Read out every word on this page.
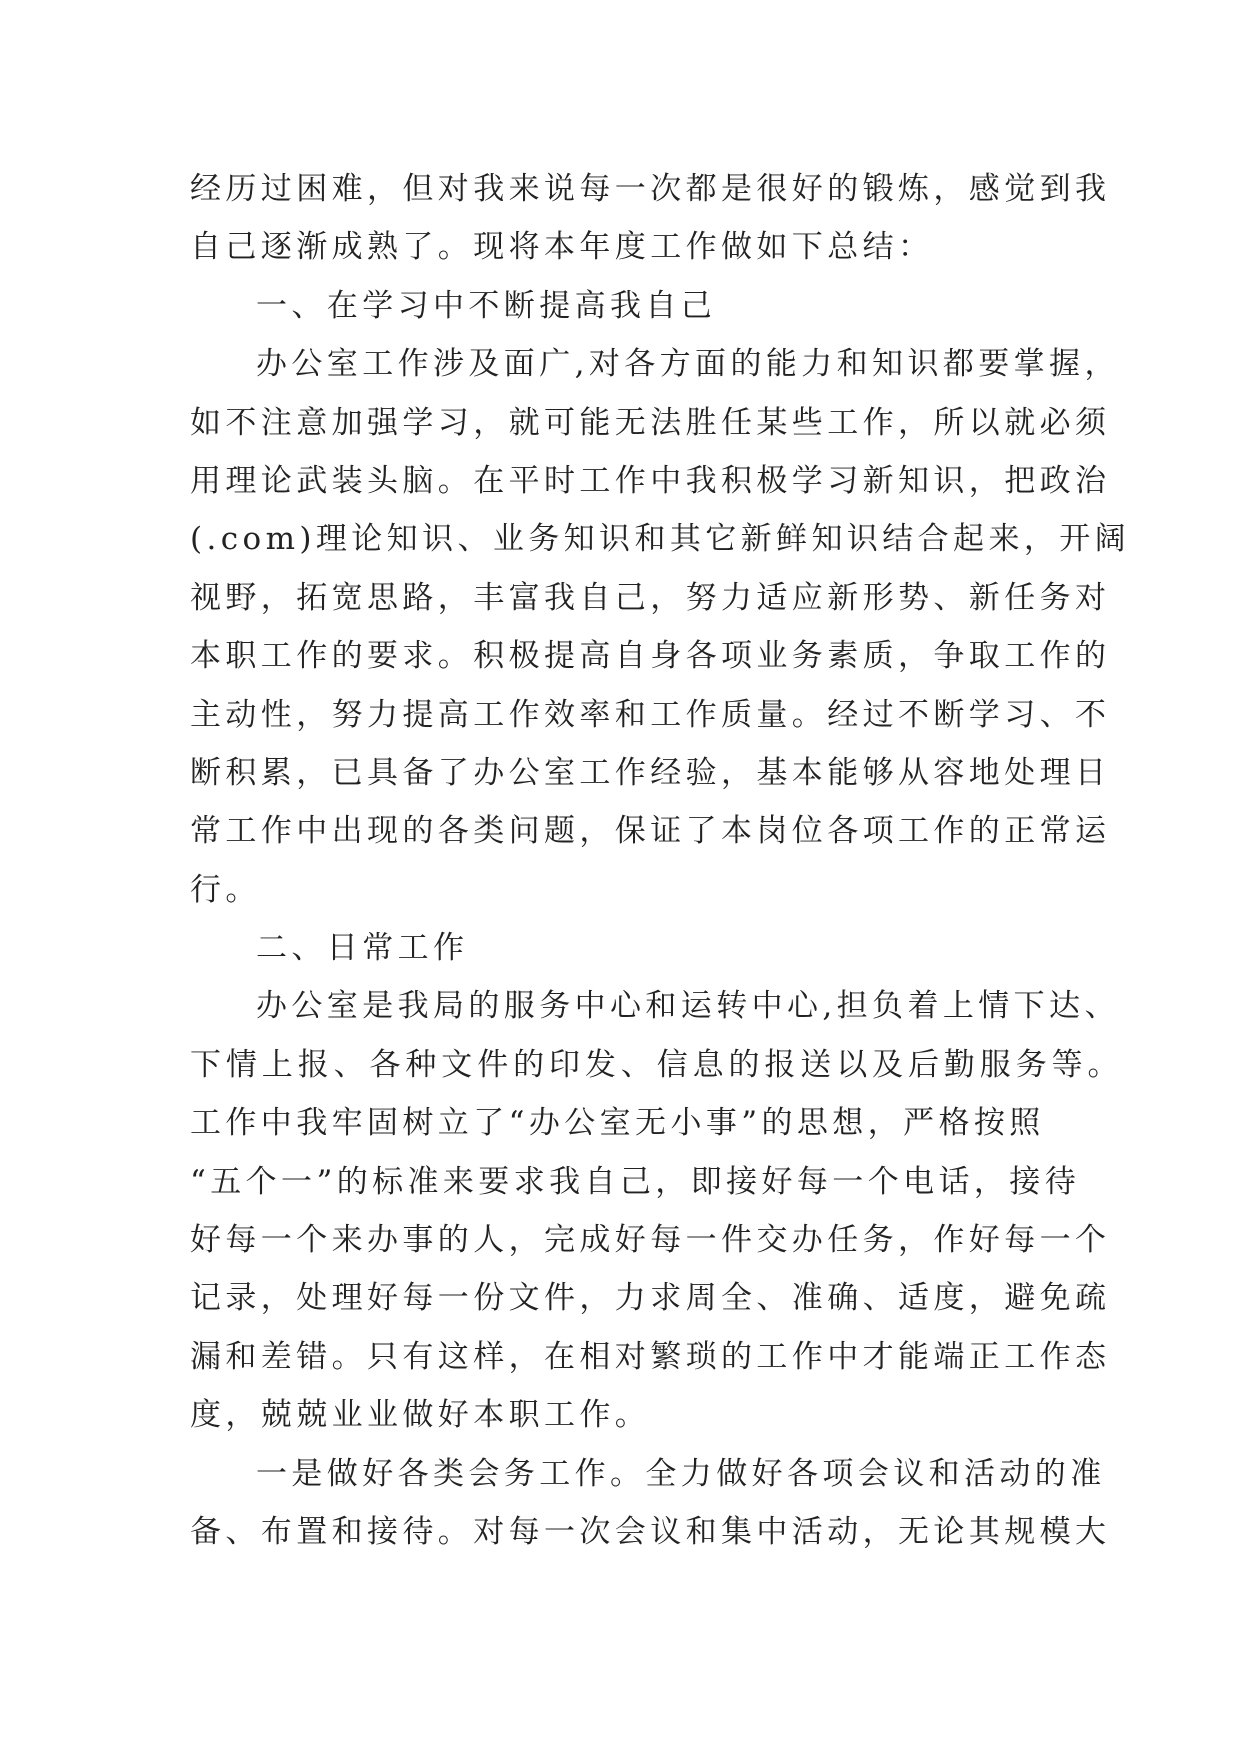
经历过困难，但对我来说每一次都是很好的锻炼，感觉到我
自己逐渐成熟了。现将本年度工作做如下总结：
一、在学习中不断提高我自己
办公室工作涉及面广,对各方面的能力和知识都要掌握，
如不注意加强学习，就可能无法胜任某些工作，所以就必须
用理论武装头脑。在平时工作中我积极学习新知识，把政治
(.com)理论知识、业务知识和其它新鲜知识结合起来，开阔
视野，拓宽思路，丰富我自己，努力适应新形势、新任务对
本职工作的要求。积极提高自身各项业务素质，争取工作的
主动性，努力提高工作效率和工作质量。经过不断学习、不
断积累，已具备了办公室工作经验，基本能够从容地处理日
常工作中出现的各类问题，保证了本岗位各项工作的正常运
行。
二、日常工作
办公室是我局的服务中心和运转中心,担负着上情下达、
下情上报、各种文件的印发、信息的报送以及后勤服务等。
工作中我牢固树立了“办公室无小事”的思想，严格按照
“五个一”的标准来要求我自己，即接好每一个电话，接待
好每一个来办事的人，完成好每一件交办任务，作好每一个
记录，处理好每一份文件，力求周全、准确、适度，避免疏
漏和差错。只有这样，在相对繁琐的工作中才能端正工作态
度，兢兢业业做好本职工作。
一是做好各类会务工作。全力做好各项会议和活动的准
备、布置和接待。对每一次会议和集中活动，无论其规模大
